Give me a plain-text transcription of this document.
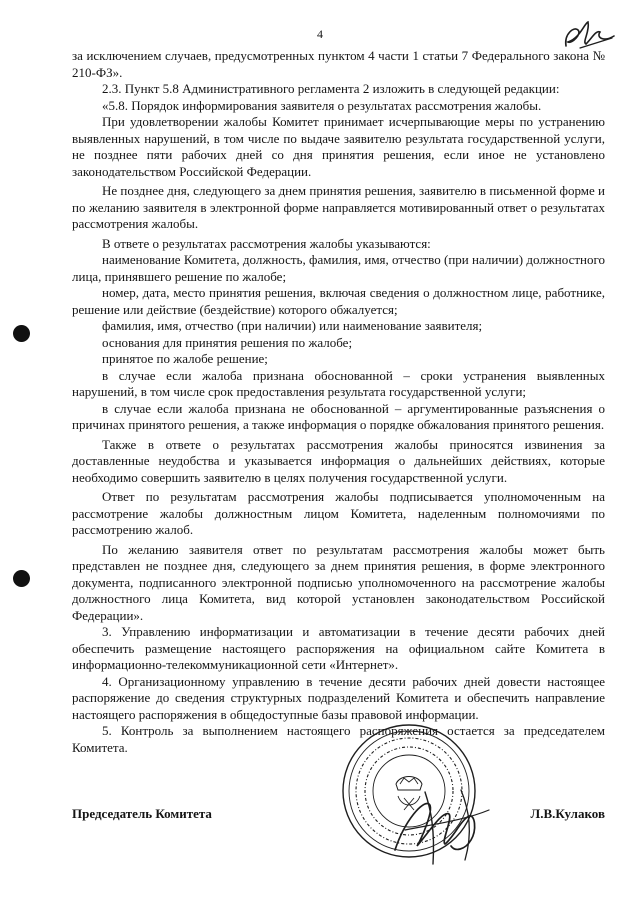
4

за исключением случаев, предусмотренных пунктом 4 части 1 статьи 7 Федерального закона № 210-ФЗ».

2.3. Пункт 5.8 Административного регламента 2 изложить в следующей редакции:

«5.8. Порядок информирования заявителя о результатах рассмотрения жалобы.

При удовлетворении жалобы Комитет принимает исчерпывающие меры по устранению выявленных нарушений, в том числе по выдаче заявителю результата государственной услуги, не позднее пяти рабочих дней со дня принятия решения, если иное не установлено законодательством Российской Федерации.

Не позднее дня, следующего за днем принятия решения, заявителю в письменной форме и по желанию заявителя в электронной форме направляется мотивированный ответ о результатах рассмотрения жалобы.

В ответе о результатах рассмотрения жалобы указываются:

наименование Комитета, должность, фамилия, имя, отчество (при наличии) должностного лица, принявшего решение по жалобе;

номер, дата, место принятия решения, включая сведения о должностном лице, работнике, решение или действие (бездействие) которого обжалуется;

фамилия, имя, отчество (при наличии) или наименование заявителя;

основания для принятия решения по жалобе;

принятое по жалобе решение;

в случае если жалоба признана обоснованной – сроки устранения выявленных нарушений, в том числе срок предоставления результата государственной услуги;

в случае если жалоба признана не обоснованной – аргументированные разъяснения о причинах принятого решения, а также информация о порядке обжалования принятого решения.

Также в ответе о результатах рассмотрения жалобы приносятся извинения за доставленные неудобства и указывается информация о дальнейших действиях, которые необходимо совершить заявителю в целях получения государственной услуги.

Ответ по результатам рассмотрения жалобы подписывается уполномоченным на рассмотрение жалобы должностным лицом Комитета, наделенным полномочиями по рассмотрению жалоб.

По желанию заявителя ответ по результатам рассмотрения жалобы может быть представлен не позднее дня, следующего за днем принятия решения, в форме электронного документа, подписанного электронной подписью уполномоченного на рассмотрение жалобы должностного лица Комитета, вид которой установлен законодательством Российской Федерации».

3. Управлению информатизации и автоматизации в течение десяти рабочих дней обеспечить размещение настоящего распоряжения на официальном сайте Комитета в информационно-телекоммуникационной сети «Интернет».

4. Организационному управлению в течение десяти рабочих дней довести настоящее распоряжение до сведения структурных подразделений Комитета и обеспечить направление настоящего распоряжения в общедоступные базы правовой информации.

5. Контроль за выполнением настоящего распоряжения остается за председателем Комитета.

Председатель Комитета	Л.В.Кулаков
